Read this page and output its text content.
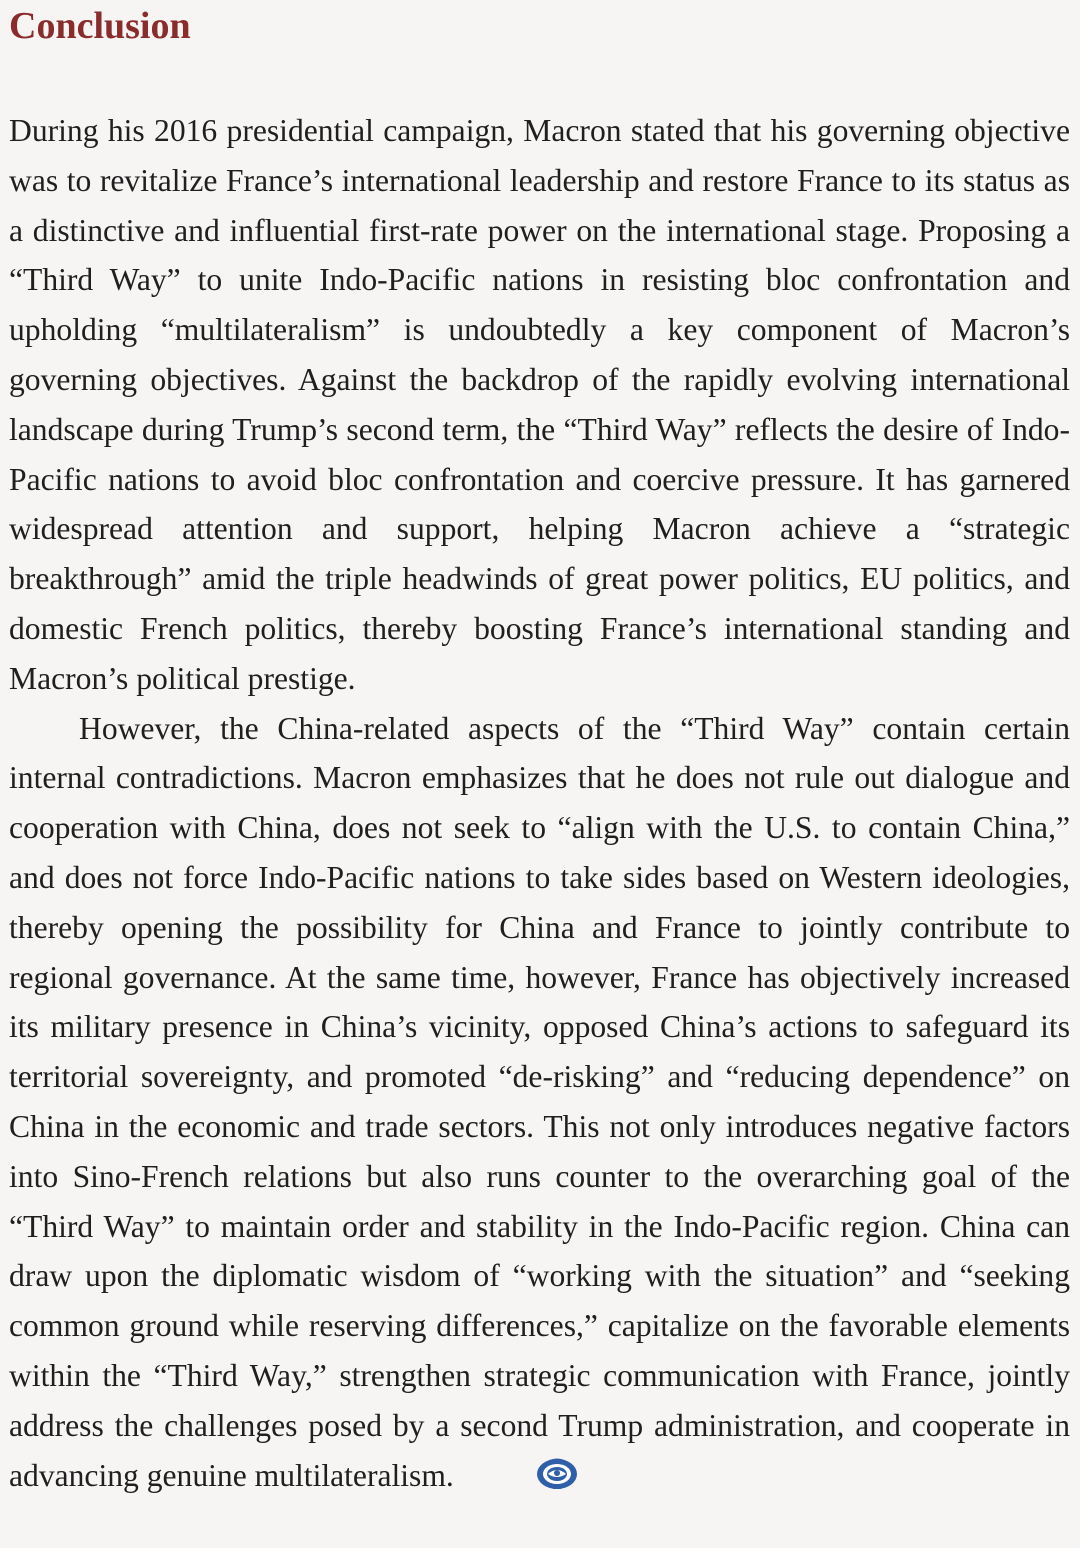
Conclusion

During his 2016 presidential campaign, Macron stated that his governing objective was to revitalize France’s international leadership and restore France to its status as a distinctive and influential first-rate power on the international stage. Proposing a “Third Way” to unite Indo-Pacific nations in resisting bloc confrontation and upholding “multilateralism” is undoubtedly a key component of Macron’s governing objectives. Against the backdrop of the rapidly evolving international landscape during Trump’s second term, the “Third Way” reflects the desire of Indo-Pacific nations to avoid bloc confrontation and coercive pressure. It has garnered widespread attention and support, helping Macron achieve a “strategic breakthrough” amid the triple headwinds of great power politics, EU politics, and domestic French politics, thereby boosting France’s international standing and Macron’s political prestige.

However, the China-related aspects of the “Third Way” contain certain internal contradictions. Macron emphasizes that he does not rule out dialogue and cooperation with China, does not seek to “align with the U.S. to contain China,” and does not force Indo-Pacific nations to take sides based on Western ideologies, thereby opening the possibility for China and France to jointly contribute to regional governance. At the same time, however, France has objectively increased its military presence in China’s vicinity, opposed China’s actions to safeguard its territorial sovereignty, and promoted “de-risking” and “reducing dependence” on China in the economic and trade sectors. This not only introduces negative factors into Sino-French relations but also runs counter to the overarching goal of the “Third Way” to maintain order and stability in the Indo-Pacific region. China can draw upon the diplomatic wisdom of “working with the situation” and “seeking common ground while reserving differences,” capitalize on the favorable elements within the “Third Way,” strengthen strategic communication with France, jointly address the challenges posed by a second Trump administration, and cooperate in advancing genuine multilateralism.
